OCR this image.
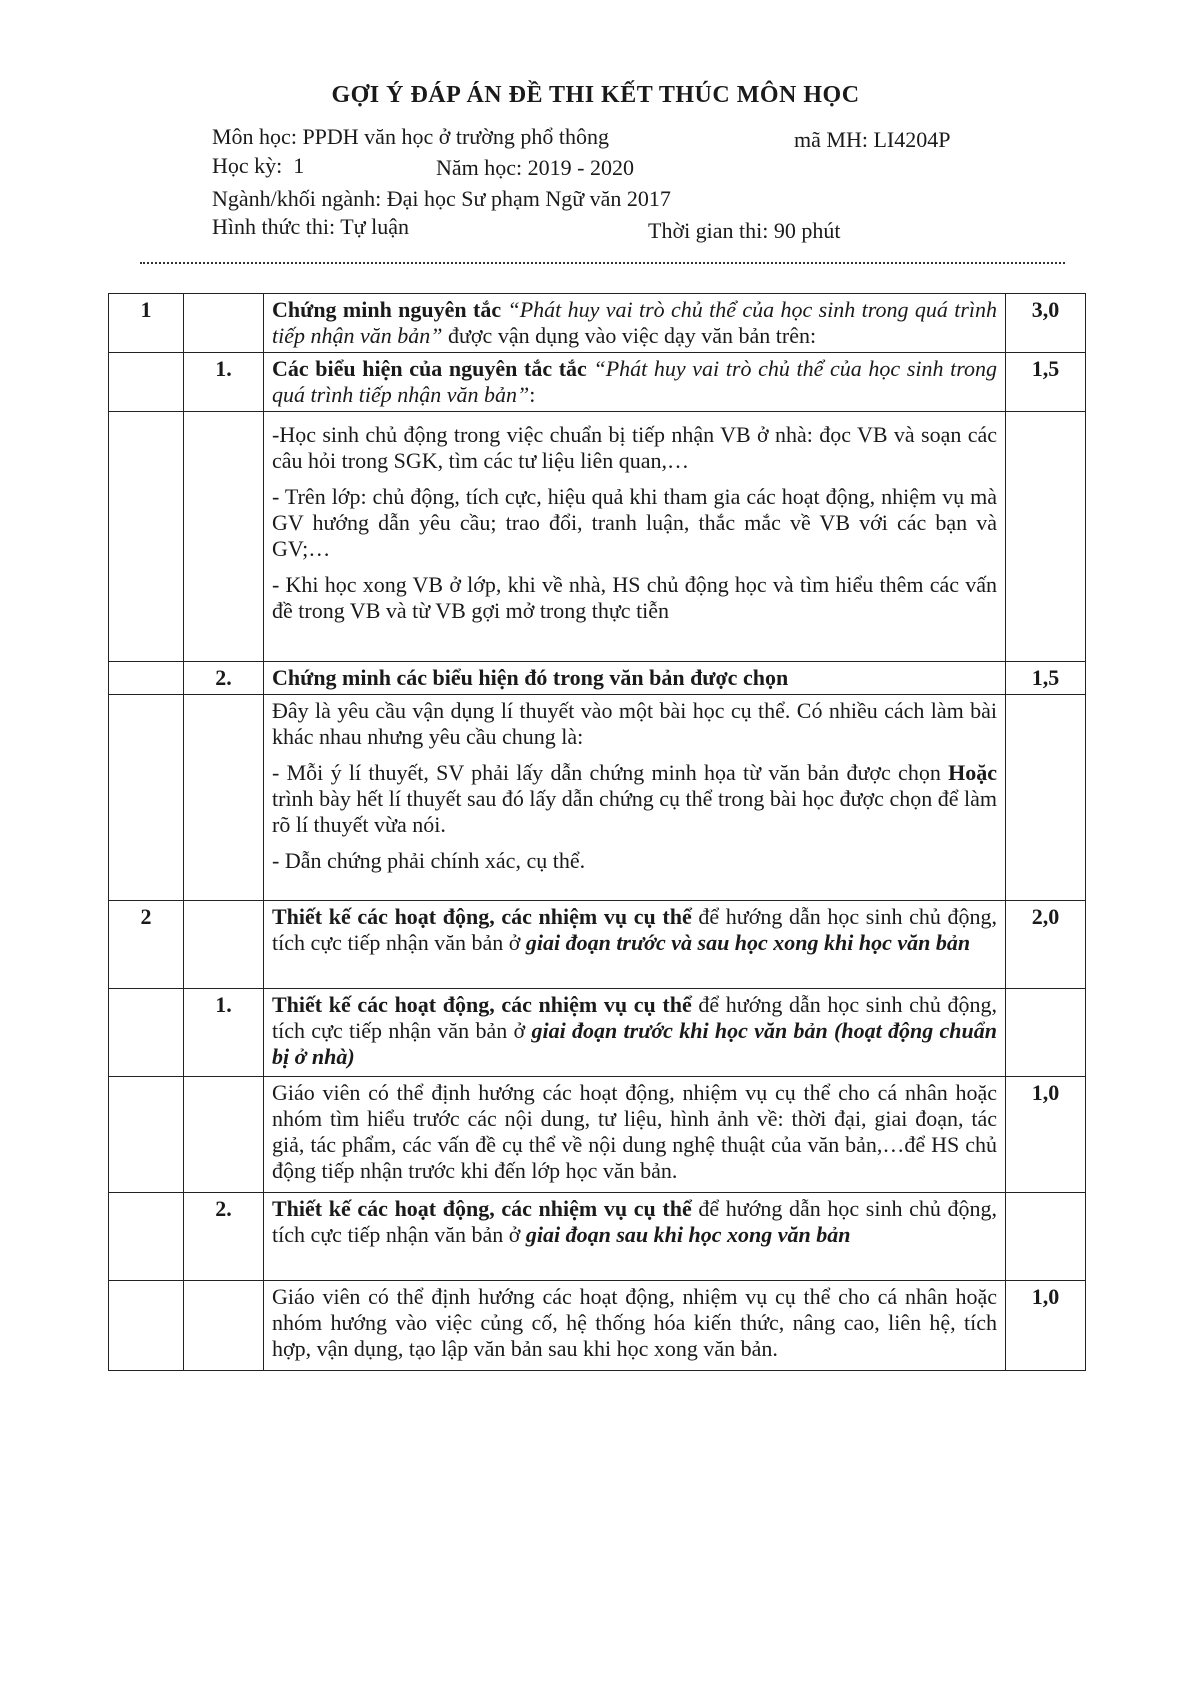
GỢI Ý ĐÁP ÁN ĐỀ THI KẾT THÚC MÔN HỌC
Môn học: PPDH văn học ở trường phổ thông	mã MH: LI4204P
Học kỳ:  1	Năm học: 2019 - 2020
Ngành/khối ngành: Đại học Sư phạm Ngữ văn 2017
Hình thức thi: Tự luận	Thời gian thi: 90 phút
1		Chứng minh nguyên tắc “Phát huy vai trò chủ thể của học sinh trong quá trình tiếp nhận văn bản” được vận dụng vào việc dạy văn bản trên:	3,0
	1.	Các biểu hiện của nguyên tắc tắc “Phát huy vai trò chủ thể của học sinh trong quá trình tiếp nhận văn bản”:	1,5

		-Học sinh chủ động trong việc chuẩn bị tiếp nhận VB ở nhà: đọc VB và soạn các câu hỏi trong SGK, tìm các tư liệu liên quan,…

- Trên lớp: chủ động, tích cực, hiệu quả khi tham gia các hoạt động, nhiệm vụ mà GV hướng dẫn yêu cầu; trao đổi, tranh luận, thắc mắc về VB với các bạn và GV;…

- Khi học xong VB ở lớp, khi về nhà, HS chủ động học và tìm hiểu thêm các vấn đề trong VB và từ VB gợi mở trong thực tiễn	

	2.	Chứng minh các biểu hiện đó trong văn bản được chọn	1,5

		Đây là yêu cầu vận dụng lí thuyết vào một bài học cụ thể. Có nhiều cách làm bài khác nhau nhưng yêu cầu chung là:

- Mỗi ý lí thuyết, SV phải lấy dẫn chứng minh họa từ văn bản được chọn Hoặc trình bày hết lí thuyết sau đó lấy dẫn chứng cụ thể trong bài học được chọn để làm rõ lí thuyết vừa nói.

- Dẫn chứng phải chính xác, cụ thể.	

2		Thiết kế các hoạt động, các nhiệm vụ cụ thể để hướng dẫn học sinh chủ động, tích cực tiếp nhận văn bản ở giai đoạn trước và sau học xong khi học văn bản	2,0
	1.	Thiết kế các hoạt động, các nhiệm vụ cụ thể để hướng dẫn học sinh chủ động, tích cực tiếp nhận văn bản ở giai đoạn trước khi học văn bản (hoạt động chuẩn bị ở nhà)	
		Giáo viên có thể định hướng các hoạt động, nhiệm vụ cụ thể cho cá nhân hoặc nhóm tìm hiểu trước các nội dung, tư liệu, hình ảnh về: thời đại, giai đoạn, tác giả, tác phẩm, các vấn đề cụ thể về nội dung nghệ thuật của văn bản,…để HS chủ động tiếp nhận trước khi đến lớp học văn bản.	1,0
	2.	Thiết kế các hoạt động, các nhiệm vụ cụ thể để hướng dẫn học sinh chủ động, tích cực tiếp nhận văn bản ở giai đoạn sau khi học xong văn bản	
		Giáo viên có thể định hướng các hoạt động, nhiệm vụ cụ thể cho cá nhân hoặc nhóm hướng vào việc củng cố, hệ thống hóa kiến thức, nâng cao, liên hệ, tích hợp, vận dụng, tạo lập văn bản sau khi học xong văn bản.	1,0
